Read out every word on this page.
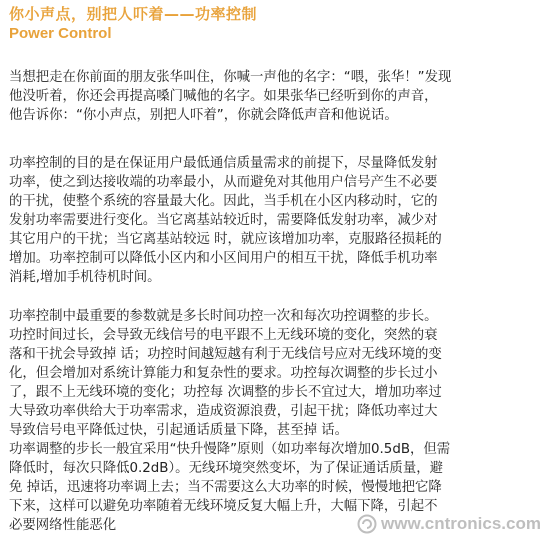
你小声点，别把人吓着——功率控制
Power Control

当想把走在你前面的朋友张华叫住，你喊一声他的名字：“喂，张华！”发现
他没听着，你还会再提高嗓门喊他的名字。如果张华已经听到你的声音，
他告诉你：“你小声点，别把人吓着”，你就会降低声音和他说话。

功率控制的目的是在保证用户最低通信质量需求的前提下，尽量降低发射
功率，使之到达接收端的功率最小，从而避免对其他用户信号产生不必要
的干扰，使整个系统的容量最大化。因此，当手机在小区内移动时，它的
发射功率需要进行变化。当它离基站较近时，需要降低发射功率，减少对
其它用户的干扰；当它离基站较远 时，就应该增加功率，克服路径损耗的
增加。功率控制可以降低小区内和小区间用户的相互干扰，降低手机功率
消耗,增加手机待机时间。

功率控制中最重要的参数就是多长时间功控一次和每次功控调整的步长。
功控时间过长，会导致无线信号的电平跟不上无线环境的变化，突然的衰
落和干扰会导致掉 话；功控时间越短越有利于无线信号应对无线环境的变
化，但会增加对系统计算能力和复杂性的要求。功控每次调整的步长过小
了，跟不上无线环境的变化；功控每 次调整的步长不宜过大，增加功率过
大导致功率供给大于功率需求，造成资源浪费，引起干扰；降低功率过大
导致信号电平降低过快，引起通话质量下降，甚至掉 话。

功率调整的步长一般宜采用“快升慢降”原则（如功率每次增加0.5dB，但需
降低时，每次只降低0.2dB）。无线环境突然变坏，为了保证通话质量，避
免 掉话，迅速将功率调上去；当不需要这么大功率的时候，慢慢地把它降
下来，这样可以避免功率随着无线环境反复大幅上升，大幅下降，引起不
必要网络性能恶化	www.cntronics.com
